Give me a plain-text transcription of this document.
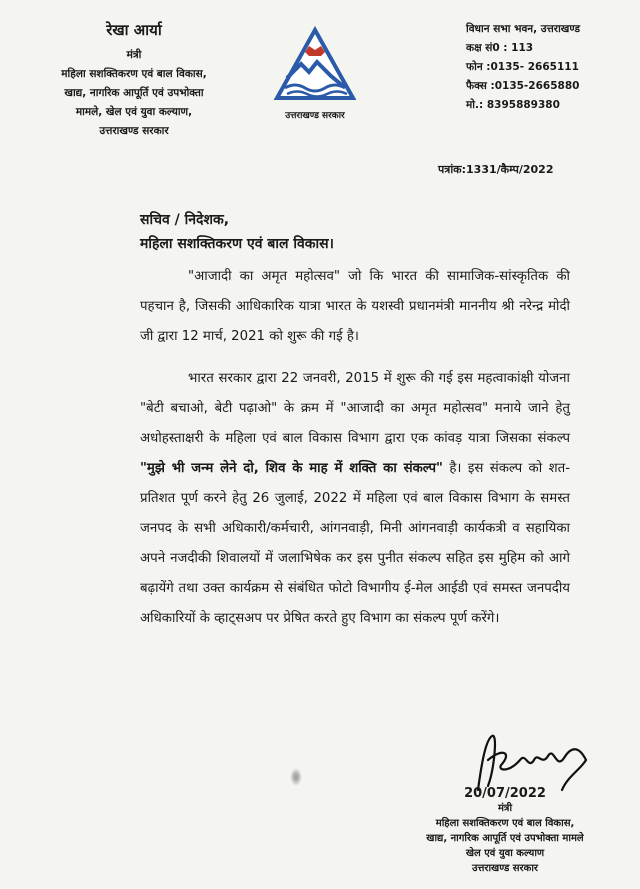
रेखा आर्या
मंत्री
महिला सशक्तिकरण एवं बाल विकास,
खाद्य, नागरिक आपूर्ति एवं उपभोक्ता
मामले, खेल एवं युवा कल्याण,
उत्तराखण्ड सरकार
उत्तराखण्ड सरकार
विधान सभा भवन, उत्तराखण्ड
कक्ष सं0 : 113
फोन :0135- 2665111
फैक्स :0135-2665880
मो.: 8395889380
पत्रांक:1331/कैम्प/2022
सचिव / निदेशक,
महिला सशक्तिकरण एवं बाल विकास।

"आजादी का अमृत महोत्सव" जो कि भारत की सामाजिक-सांस्कृतिक की पहचान है, जिसकी आधिकारिक यात्रा भारत के यशस्वी प्रधानमंत्री माननीय श्री नरेन्द्र मोदी जी द्वारा 12 मार्च, 2021 को शुरू की गई है।

भारत सरकार द्वारा 22 जनवरी, 2015 में शुरू की गई इस महत्वाकांक्षी योजना "बेटी बचाओ, बेटी पढ़ाओ" के क्रम में "आजादी का अमृत महोत्सव" मनाये जाने हेतु अधोहस्ताक्षरी के महिला एवं बाल विकास विभाग द्वारा एक कांवड़ यात्रा जिसका संकल्प "मुझे भी जन्म लेने दो, शिव के माह में शक्ति का संकल्प" है। इस संकल्प को शत-प्रतिशत पूर्ण करने हेतु 26 जुलाई, 2022 में महिला एवं बाल विकास विभाग के समस्त जनपद के सभी अधिकारी/कर्मचारी, आंगनवाड़ी, मिनी आंगनवाड़ी कार्यकत्री व सहायिका अपने नजदीकी शिवालयों में जलाभिषेक कर इस पुनीत संकल्प सहित इस मुहिम को आगे बढ़ायेंगे तथा उक्त कार्यक्रम से संबंधित फोटो विभागीय ई-मेल आईडी एवं समस्त जनपदीय अधिकारियों के व्हाट्सअप पर प्रेषित करते हुए विभाग का संकल्प पूर्ण करेंगे।

20/07/2022
मंत्री
महिला सशक्तिकरण एवं बाल विकास,
खाद्य, नागरिक आपूर्ति एवं उपभोक्ता मामले
खेल एवं युवा कल्याण
उत्तराखण्ड सरकार
